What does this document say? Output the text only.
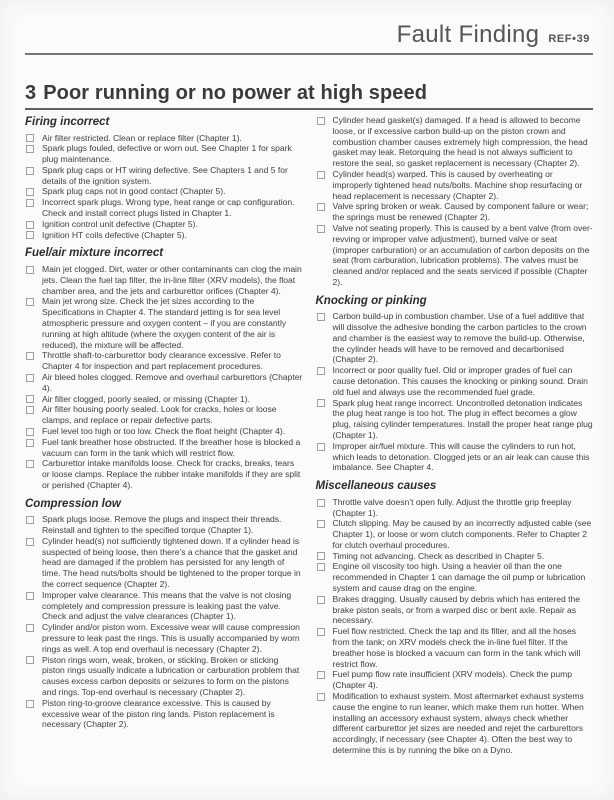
Fault Finding REF•39
3 Poor running or no power at high speed
Firing incorrect
Air filter restricted. Clean or replace filter (Chapter 1).
Spark plugs fouled, defective or worn out. See Chapter 1 for spark plug maintenance.
Spark plug caps or HT wiring defective. See Chapters 1 and 5 for details of the ignition system.
Spark plug caps not in good contact (Chapter 5).
Incorrect spark plugs. Wrong type, heat range or cap configuration. Check and install correct plugs listed in Chapter 1.
Ignition control unit defective (Chapter 5).
Ignition HT coils defective (Chapter 5).
Fuel/air mixture incorrect
Main jet clogged. Dirt, water or other contaminants can clog the main jets. Clean the fuel tap filter, the in-line filter (XRV models), the float chamber area, and the jets and carburettor orifices (Chapter 4).
Main jet wrong size. Check the jet sizes according to the Specifications in Chapter 4. The standard jetting is for sea level atmospheric pressure and oxygen content – if you are constantly running at high altitude (where the oxygen content of the air is reduced), the mixture will be affected.
Throttle shaft-to-carburettor body clearance excessive. Refer to Chapter 4 for inspection and part replacement procedures.
Air bleed holes clogged. Remove and overhaul carburettors (Chapter 4).
Air filter clogged, poorly sealed, or missing (Chapter 1).
Air filter housing poorly sealed. Look for cracks, holes or loose clamps, and replace or repair defective parts.
Fuel level too high or too low. Check the float height (Chapter 4).
Fuel tank breather hose obstructed. If the breather hose is blocked a vacuum can form in the tank which will restrict flow.
Carburettor intake manifolds loose. Check for cracks, breaks, tears or loose clamps. Replace the rubber intake manifolds if they are split or perished (Chapter 4).
Compression low
Spark plugs loose. Remove the plugs and inspect their threads. Reinstall and tighten to the specified torque (Chapter 1).
Cylinder head(s) not sufficiently tightened down. If a cylinder head is suspected of being loose, then there’s a chance that the gasket and head are damaged if the problem has persisted for any length of time. The head nuts/bolts should be tightened to the proper torque in the correct sequence (Chapter 2).
Improper valve clearance. This means that the valve is not closing completely and compression pressure is leaking past the valve. Check and adjust the valve clearances (Chapter 1).
Cylinder and/or piston worn. Excessive wear will cause compression pressure to leak past the rings. This is usually accompanied by worn rings as well. A top end overhaul is necessary (Chapter 2).
Piston rings worn, weak, broken, or sticking. Broken or sticking piston rings usually indicate a lubrication or carburation problem that causes excess carbon deposits or seizures to form on the pistons and rings. Top-end overhaul is necessary (Chapter 2).
Piston ring-to-groove clearance excessive. This is caused by excessive wear of the piston ring lands. Piston replacement is necessary (Chapter 2).
Cylinder head gasket(s) damaged. If a head is allowed to become loose, or if excessive carbon build-up on the piston crown and combustion chamber causes extremely high compression, the head gasket may leak. Retorquing the head is not always sufficient to restore the seal, so gasket replacement is necessary (Chapter 2).
Cylinder head(s) warped. This is caused by overheating or improperly tightened head nuts/bolts. Machine shop resurfacing or head replacement is necessary (Chapter 2).
Valve spring broken or weak. Caused by component failure or wear; the springs must be renewed (Chapter 2).
Valve not seating properly. This is caused by a bent valve (from over-revving or improper valve adjustment), burned valve or seat (improper carburation) or an accumulation of carbon deposits on the seat (from carburation, lubrication problems). The valves must be cleaned and/or replaced and the seats serviced if possible (Chapter 2).
Knocking or pinking
Carbon build-up in combustion chamber. Use of a fuel additive that will dissolve the adhesive bonding the carbon particles to the crown and chamber is the easiest way to remove the build-up. Otherwise, the cylinder heads will have to be removed and decarbonised (Chapter 2).
Incorrect or poor quality fuel. Old or improper grades of fuel can cause detonation. This causes the knocking or pinking sound. Drain old fuel and always use the recommended fuel grade.
Spark plug heat range incorrect. Uncontrolled detonation indicates the plug heat range is too hot. The plug in effect becomes a glow plug, raising cylinder temperatures. Install the proper heat range plug (Chapter 1).
Improper air/fuel mixture. This will cause the cylinders to run hot, which leads to detonation. Clogged jets or an air leak can cause this imbalance. See Chapter 4.
Miscellaneous causes
Throttle valve doesn’t open fully. Adjust the throttle grip freeplay (Chapter 1).
Clutch slipping. May be caused by an incorrectly adjusted cable (see Chapter 1), or loose or worn clutch components. Refer to Chapter 2 for clutch overhaul procedures.
Timing not advancing. Check as described in Chapter 5.
Engine oil viscosity too high. Using a heavier oil than the one recommended in Chapter 1 can damage the oil pump or lubrication system and cause drag on the engine.
Brakes dragging. Usually caused by debris which has entered the brake piston seals, or from a warped disc or bent axle. Repair as necessary.
Fuel flow restricted. Check the tap and its filter, and all the hoses from the tank; on XRV models check the in-line fuel filter. If the breather hose is blocked a vacuum can form in the tank which will restrict flow.
Fuel pump flow rate insufficient (XRV models). Check the pump (Chapter 4).
Modification to exhaust system. Most aftermarket exhaust systems cause the engine to run leaner, which make them run hotter. When installing an accessory exhaust system, always check whether different carburettor jet sizes are needed and rejet the carburettors accordingly, if necessary (see Chapter 4). Often the best way to determine this is by running the bike on a Dyno.
